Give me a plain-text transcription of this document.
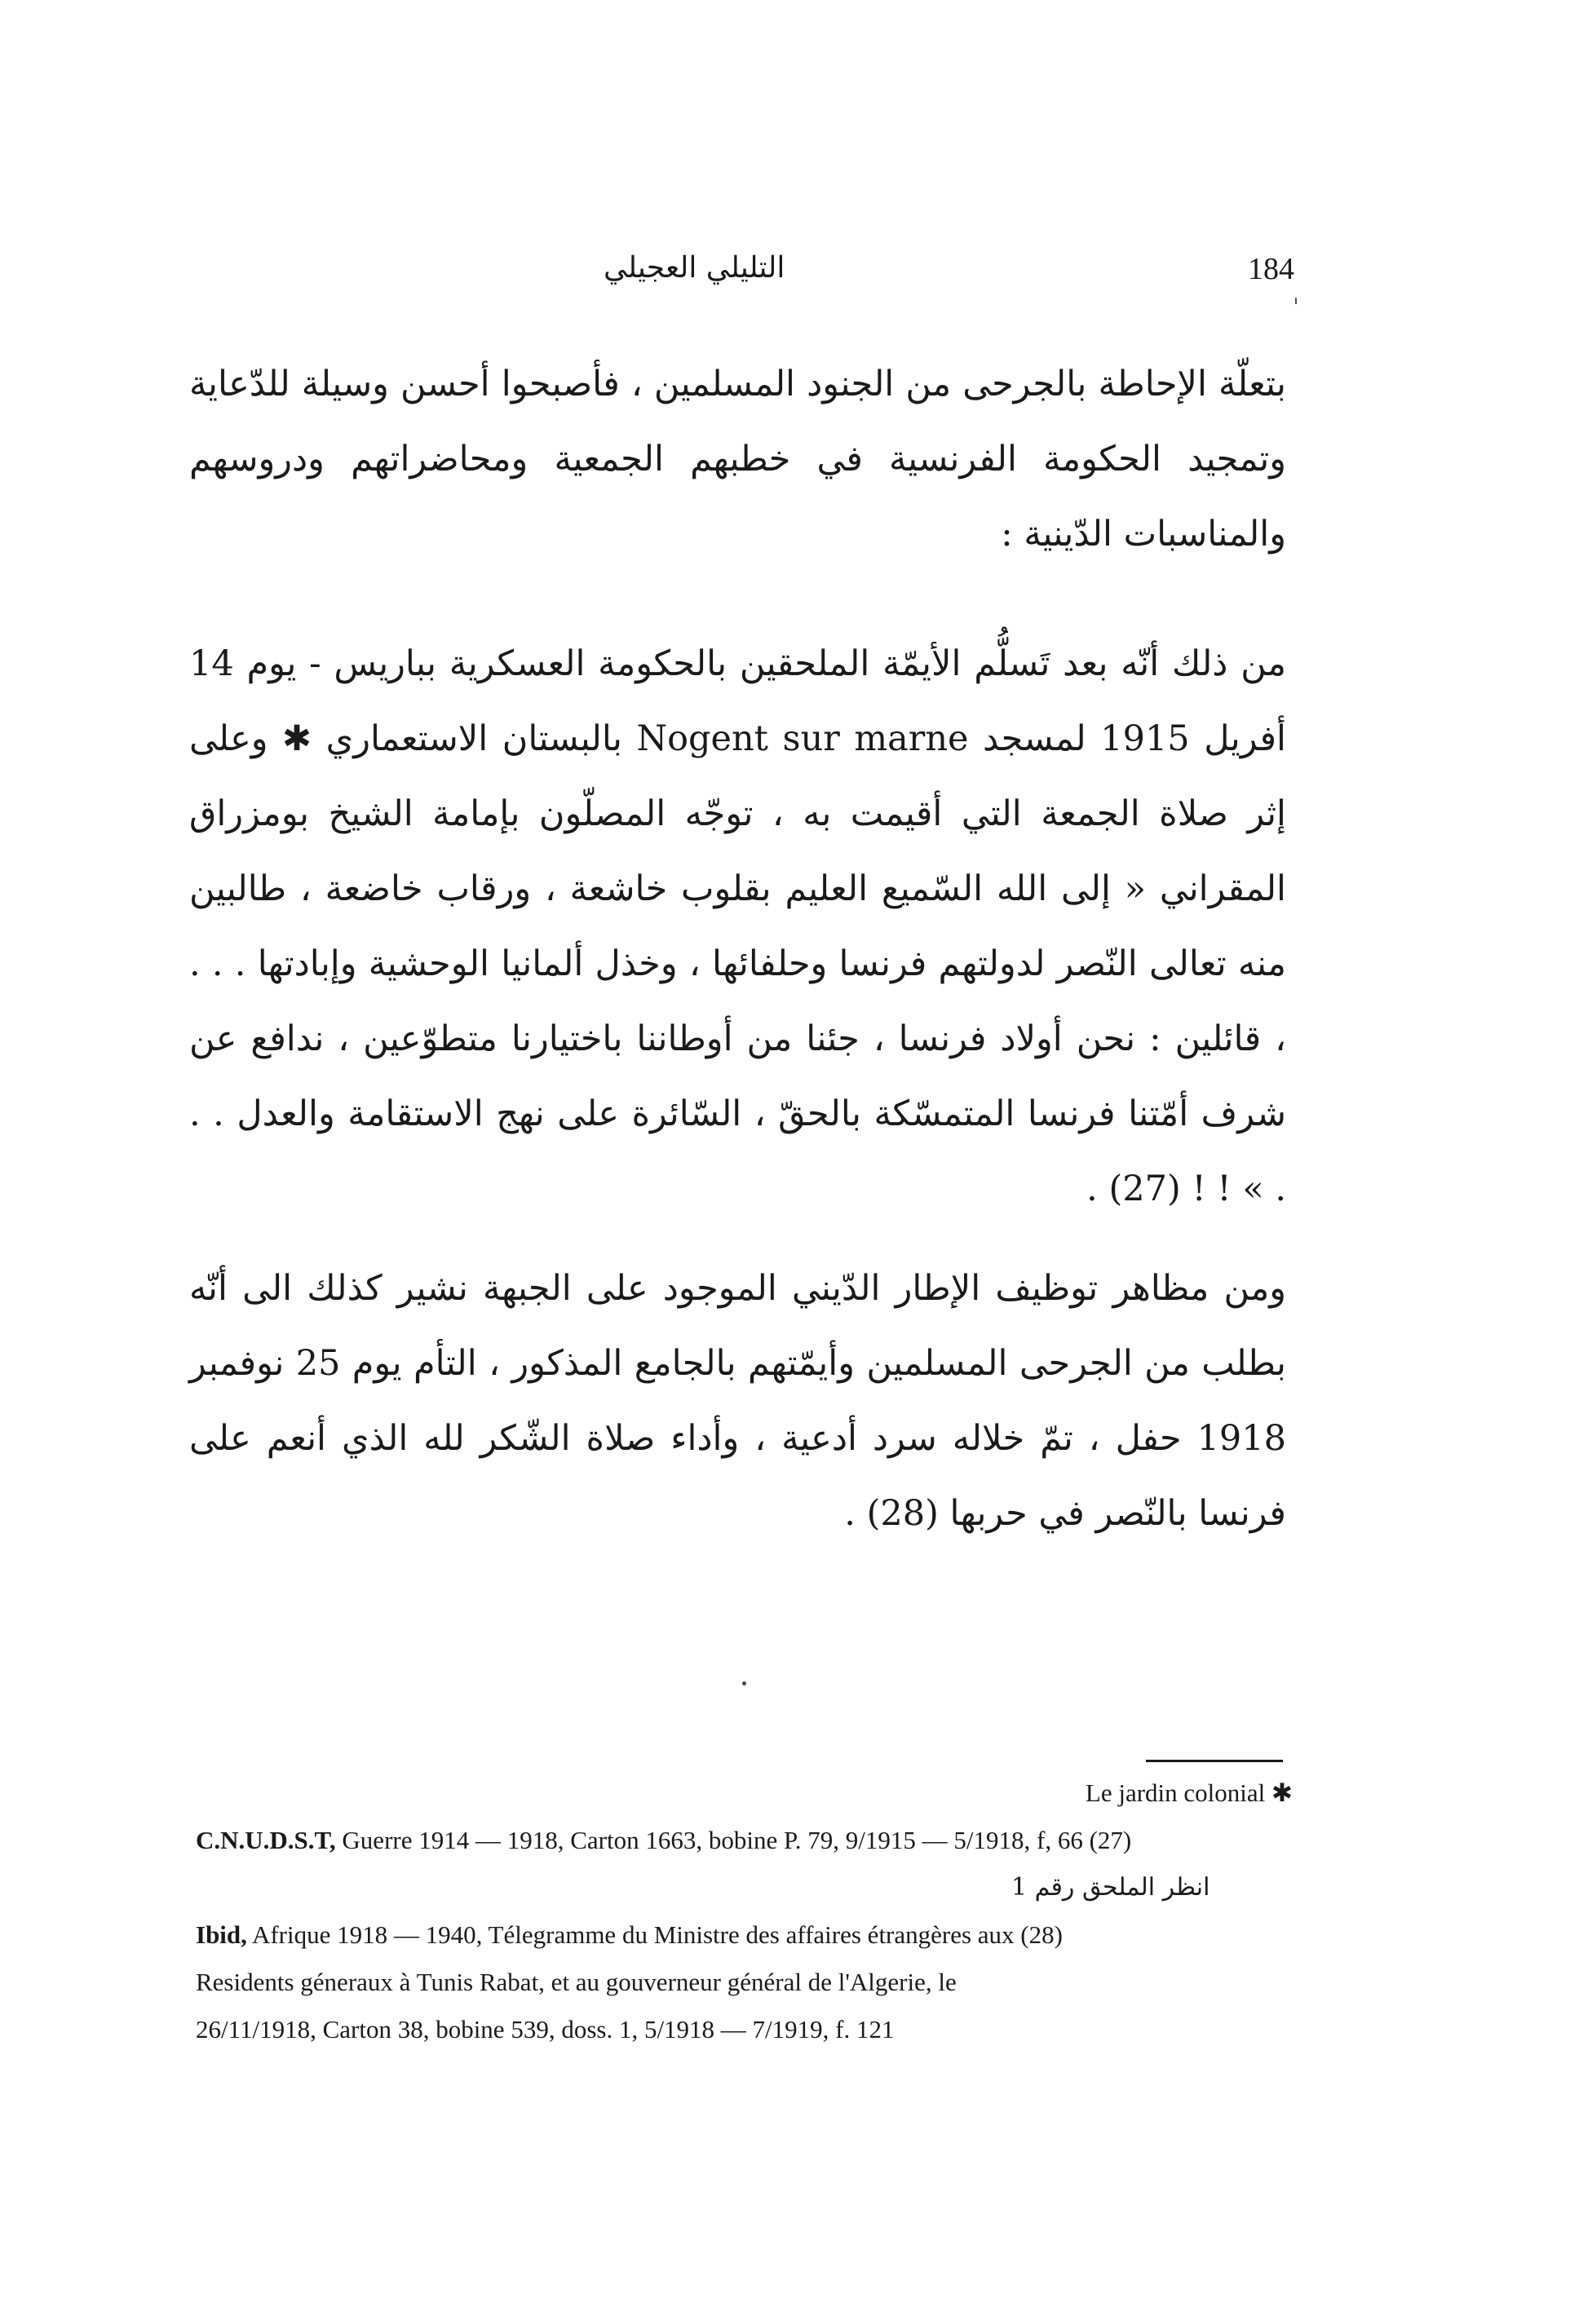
184
التليلي العجيلي

بتعلّة الإحاطة بالجرحى من الجنود المسلمين ، فأصبحوا أحسن وسيلة للدّعاية وتمجيد الحكومة الفرنسية في خطبهم الجمعية ومحاضراتهم ودروسهم والمناسبات الدّينية :

من ذلك أنّه بعد تَسلُّم الأيمّة الملحقين بالحكومة العسكرية بباريس - يوم 14 أفريل 1915 لمسجد Nogent sur marne بالبستان الاستعماري ✱ وعلى إثر صلاة الجمعة التي أقيمت به ، توجّه المصلّون بإمامة الشيخ بومزراق المقراني « إلى الله السّميع العليم بقلوب خاشعة ، ورقاب خاضعة ، طالبين منه تعالى النّصر لدولتهم فرنسا وحلفائها ، وخذل ألمانيا الوحشية وإبادتها . . . ، قائلين : نحن أولاد فرنسا ، جئنا من أوطاننا باختيارنا متطوّعين ، ندافع عن شرف أمّتنا فرنسا المتمسّكة بالحقّ ، السّائرة على نهج الاستقامة والعدل . . . » ! ! (27) .

ومن مظاهر توظيف الإطار الدّيني الموجود على الجبهة نشير كذلك الى أنّه بطلب من الجرحى المسلمين وأيمّتهم بالجامع المذكور ، التأم يوم 25 نوفمبر 1918 حفل ، تمّ خلاله سرد أدعية ، وأداء صلاة الشّكر لله الذي أنعم على فرنسا بالنّصر في حربها (28) .

Le jardin colonial ✱
C.N.U.D.S.T, Guerre 1914 — 1918, Carton 1663, bobine P. 79, 9/1915 — 5/1918, f, 66 (27)
انظر الملحق رقم 1
Ibid, Afrique 1918 — 1940, Télegramme du Ministre des affaires étrangères aux (28)
Residents géneraux à Tunis Rabat, et au gouverneur général de l'Algerie, le
26/11/1918, Carton 38, bobine 539, doss. 1, 5/1918 — 7/1919, f. 121
